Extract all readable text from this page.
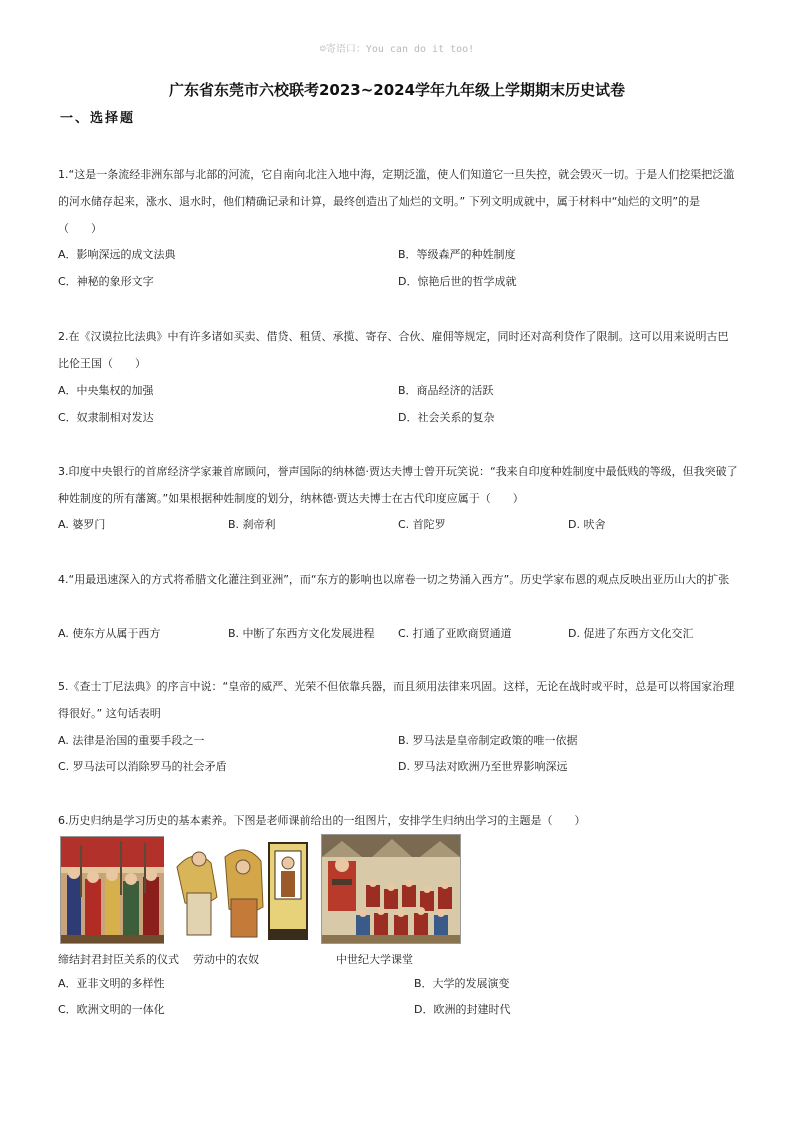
☺寄语口：You can do it too!
广东省东莞市六校联考2023~2024学年九年级上学期期末历史试卷
一、选择题
1.“这是一条流经非洲东部与北部的河流，它自南向北注入地中海，定期泛滥，使人们知道它一旦失控，就会毁灭一切。于是人们挖渠把泛滥的河水储存起来，涨水、退水时，他们精确记录和计算，最终创造出了灿烂的文明。” 下列文明成就中，属于材料中“灿烂的文明”的是（　　）
A．影响深远的成文法典	B．等级森严的种姓制度
C．神秘的象形文字	D．惊艳后世的哲学成就
2.在《汉谟拉比法典》中有许多诸如买卖、借贷、租赁、承揽、寄存、合伙、雇佣等规定，同时还对高利贷作了限制。这可以用来说明古巴比伦王国（　　）
A．中央集权的加强	B．商品经济的活跃
C．奴隶制相对发达	D．社会关系的复杂
3.印度中央银行的首席经济学家兼首席顾问，誉声国际的纳林德·贾达夫博士曾开玩笑说：“我来自印度种姓制度中最低贱的等级，但我突破了种姓制度的所有藩篱。”如果根据种姓制度的划分，纳林德·贾达夫博士在古代印度应属于（　　）
A. 婆罗门	B. 刹帝利	C. 首陀罗	D. 吠舍
4.“用最迅速深入的方式将希腊文化灌注到亚洲”，而“东方的影响也以席卷一切之势涌入西方”。历史学家布恩的观点反映出亚历山大的扩张
A. 使东方从属于西方	B. 中断了东西方文化发展进程 C. 打通了亚欧商贸通道	D. 促进了东西方文化交汇
5.《查士丁尼法典》的序言中说：“皇帝的威严、光荣不但依靠兵器，而且须用法律来巩固。这样，无论在战时或平时，总是可以将国家治理得很好。” 这句话表明
A. 法律是治国的重要手段之一	B. 罗马法是皇帝制定政策的唯一依据
C. 罗马法可以消除罗马的社会矛盾	D. 罗马法对欧洲乃至世界影响深远
6.历史归纳是学习历史的基本素养。下图是老师课前给出的一组图片，安排学生归纳出学习的主题是（　　）
缔结封君封臣关系的仪式 劳动中的农奴	中世纪大学课堂
A．亚非文明的多样性	B．大学的发展演变
C．欧洲文明的一体化	D．欧洲的封建时代
